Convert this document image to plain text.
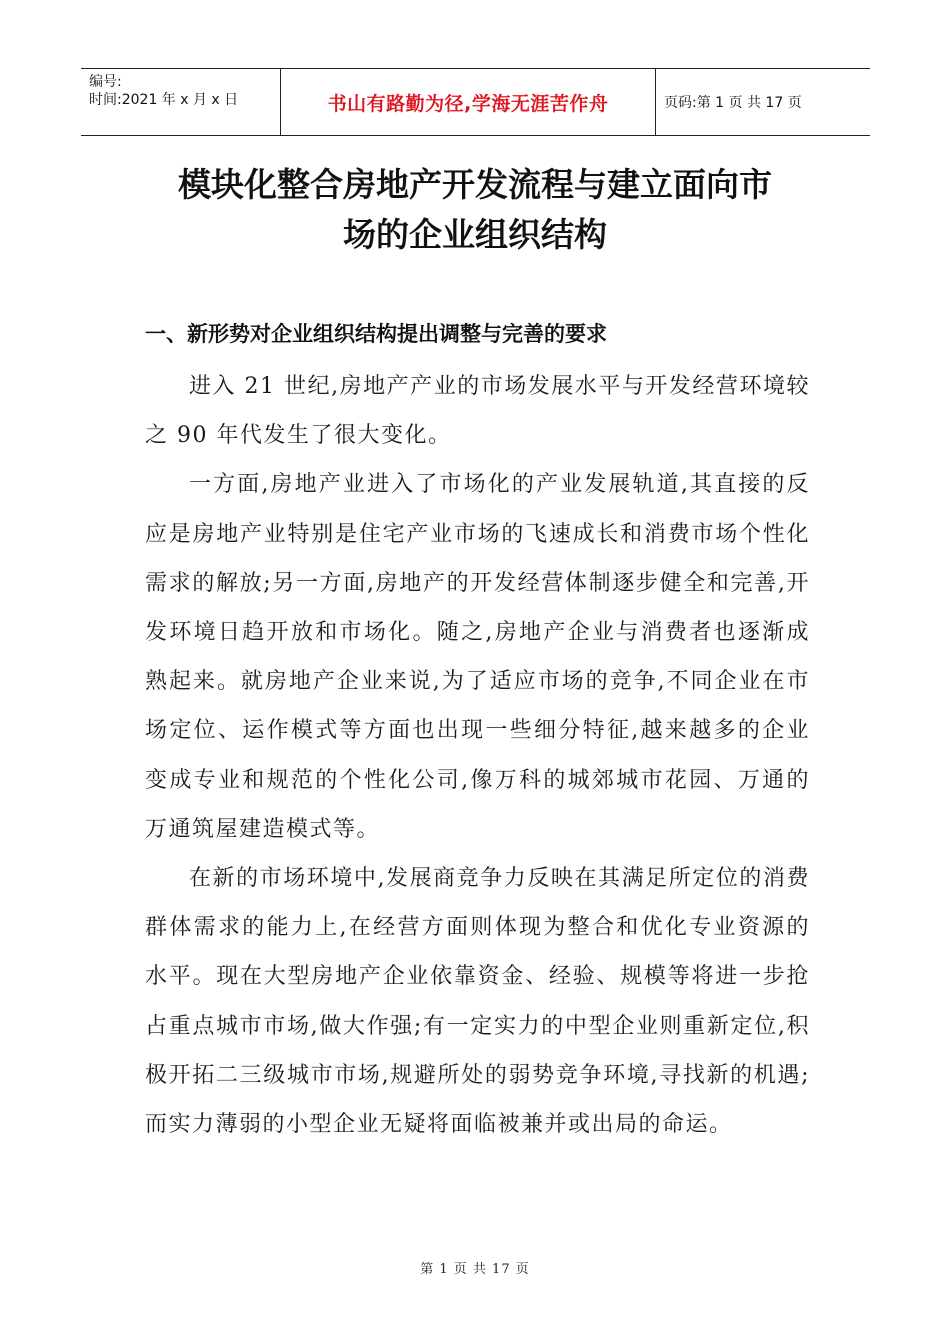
编号:
时间:2021 年 x 月 x 日	书山有路勤为径,学海无涯苦作舟	页码:第 1 页 共 17 页
模块化整合房地产开发流程与建立面向市
场的企业组织结构
一、新形势对企业组织结构提出调整与完善的要求

进入 21 世纪,房地产产业的市场发展水平与开发经营环境较之 90 年代发生了很大变化。

一方面,房地产业进入了市场化的产业发展轨道,其直接的反应是房地产业特别是住宅产业市场的飞速成长和消费市场个性化需求的解放;另一方面,房地产的开发经营体制逐步健全和完善,开发环境日趋开放和市场化。随之,房地产企业与消费者也逐渐成熟起来。就房地产企业来说,为了适应市场的竞争,不同企业在市场定位、运作模式等方面也出现一些细分特征,越来越多的企业变成专业和规范的个性化公司,像万科的城郊城市花园、万通的万通筑屋建造模式等。

在新的市场环境中,发展商竞争力反映在其满足所定位的消费群体需求的能力上,在经营方面则体现为整合和优化专业资源的水平。现在大型房地产企业依靠资金、经验、规模等将进一步抢占重点城市市场,做大作强;有一定实力的中型企业则重新定位,积极开拓二三级城市市场,规避所处的弱势竞争环境,寻找新的机遇;而实力薄弱的小型企业无疑将面临被兼并或出局的命运。

第 1 页 共 17 页
